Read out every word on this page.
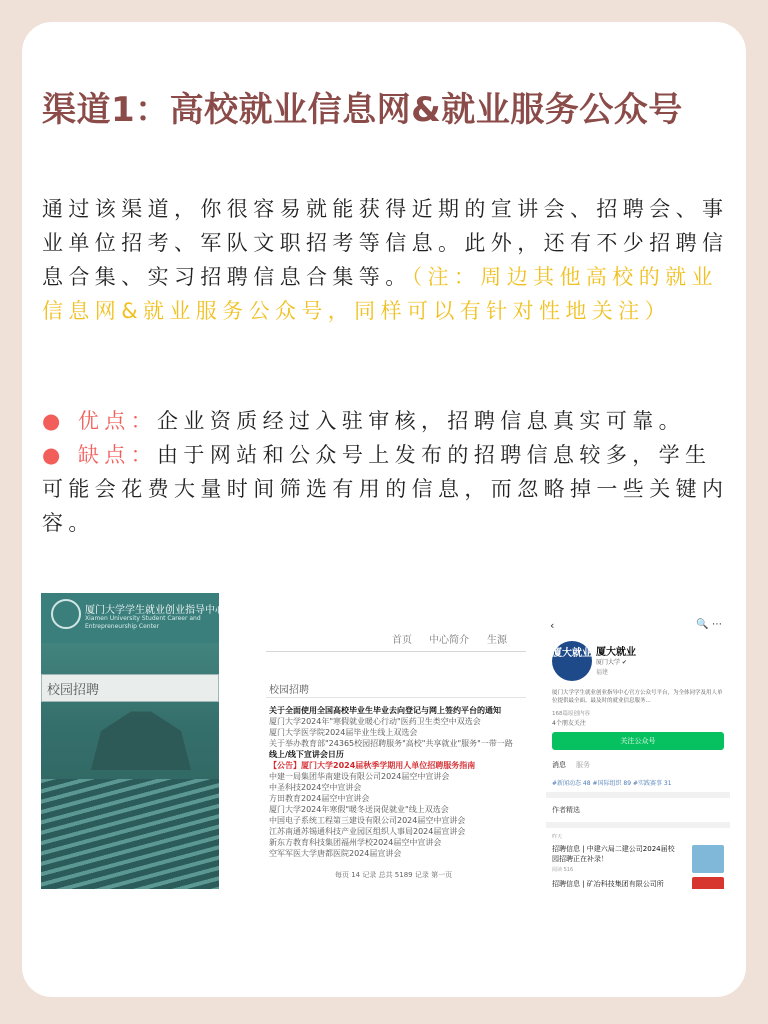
渠道1：高校就业信息网&就业服务公众号
通过该渠道，你很容易就能获得近期的宣讲会、招聘会、事业单位招考、军队文职招考等信息。此外，还有不少招聘信息合集、实习招聘信息合集等。（注：周边其他高校的就业信息网&就业服务公众号，同样可以有针对性地关注）
● 优点：企业资质经过入驻审核，招聘信息真实可靠。
● 缺点：由于网站和公众号上发布的招聘信息较多，学生可能会花费大量时间筛选有用的信息，而忽略掉一些关键内容。
厦门大学学生就业创业指导中心
Xiamen University Student Career and Entrepreneurship Center
校园招聘
首页 中心简介 生源
校园招聘
关于全面使用全国高校毕业生毕业去向登记与网上签约平台的通知
厦门大学2024年"寒假就业暖心行动"医药卫生类空中双选会
厦门大学医学院2024届毕业生线上双选会
关于举办教育部"24365校园招聘服务"高校"共享就业"服务"一带一路
线上/线下宣讲会日历
【公告】厦门大学2024届秋季学期用人单位招聘服务指南
中建一局集团华南建设有限公司2024届空中宣讲会
中圣科技2024空中宣讲会
方田教育2024届空中宣讲会
厦门大学2024年寒假"暖冬送岗促就业"线上双选会
中国电子系统工程第三建设有限公司2024届空中宣讲会
江苏南通苏锡通科技产业园区组织人事局2024届宣讲会
新东方教育科技集团福州学校2024届空中宣讲会
空军军医大学唐都医院2024届宣讲会
每页 14 记录 总共 5189 记录 第一页
‹	🔍 ⋯
厦大就业 厦大就业
厦门大学 ✔
福建
厦门大学学生就业创业指导中心官方公众号平台，为全体同学及用人单位提供最全面、最及时的就业信息服务...
168篇原创内容
4个朋友关注
关注公众号
消息 服务
#新闻动态 48 #国际组织 89 #实践赛事 31
作者精选
昨天
招聘信息 | 中建六局二建公司2024届校园招聘正在补录！
阅读 516
招聘信息 | 矿冶科技集团有限公司所
